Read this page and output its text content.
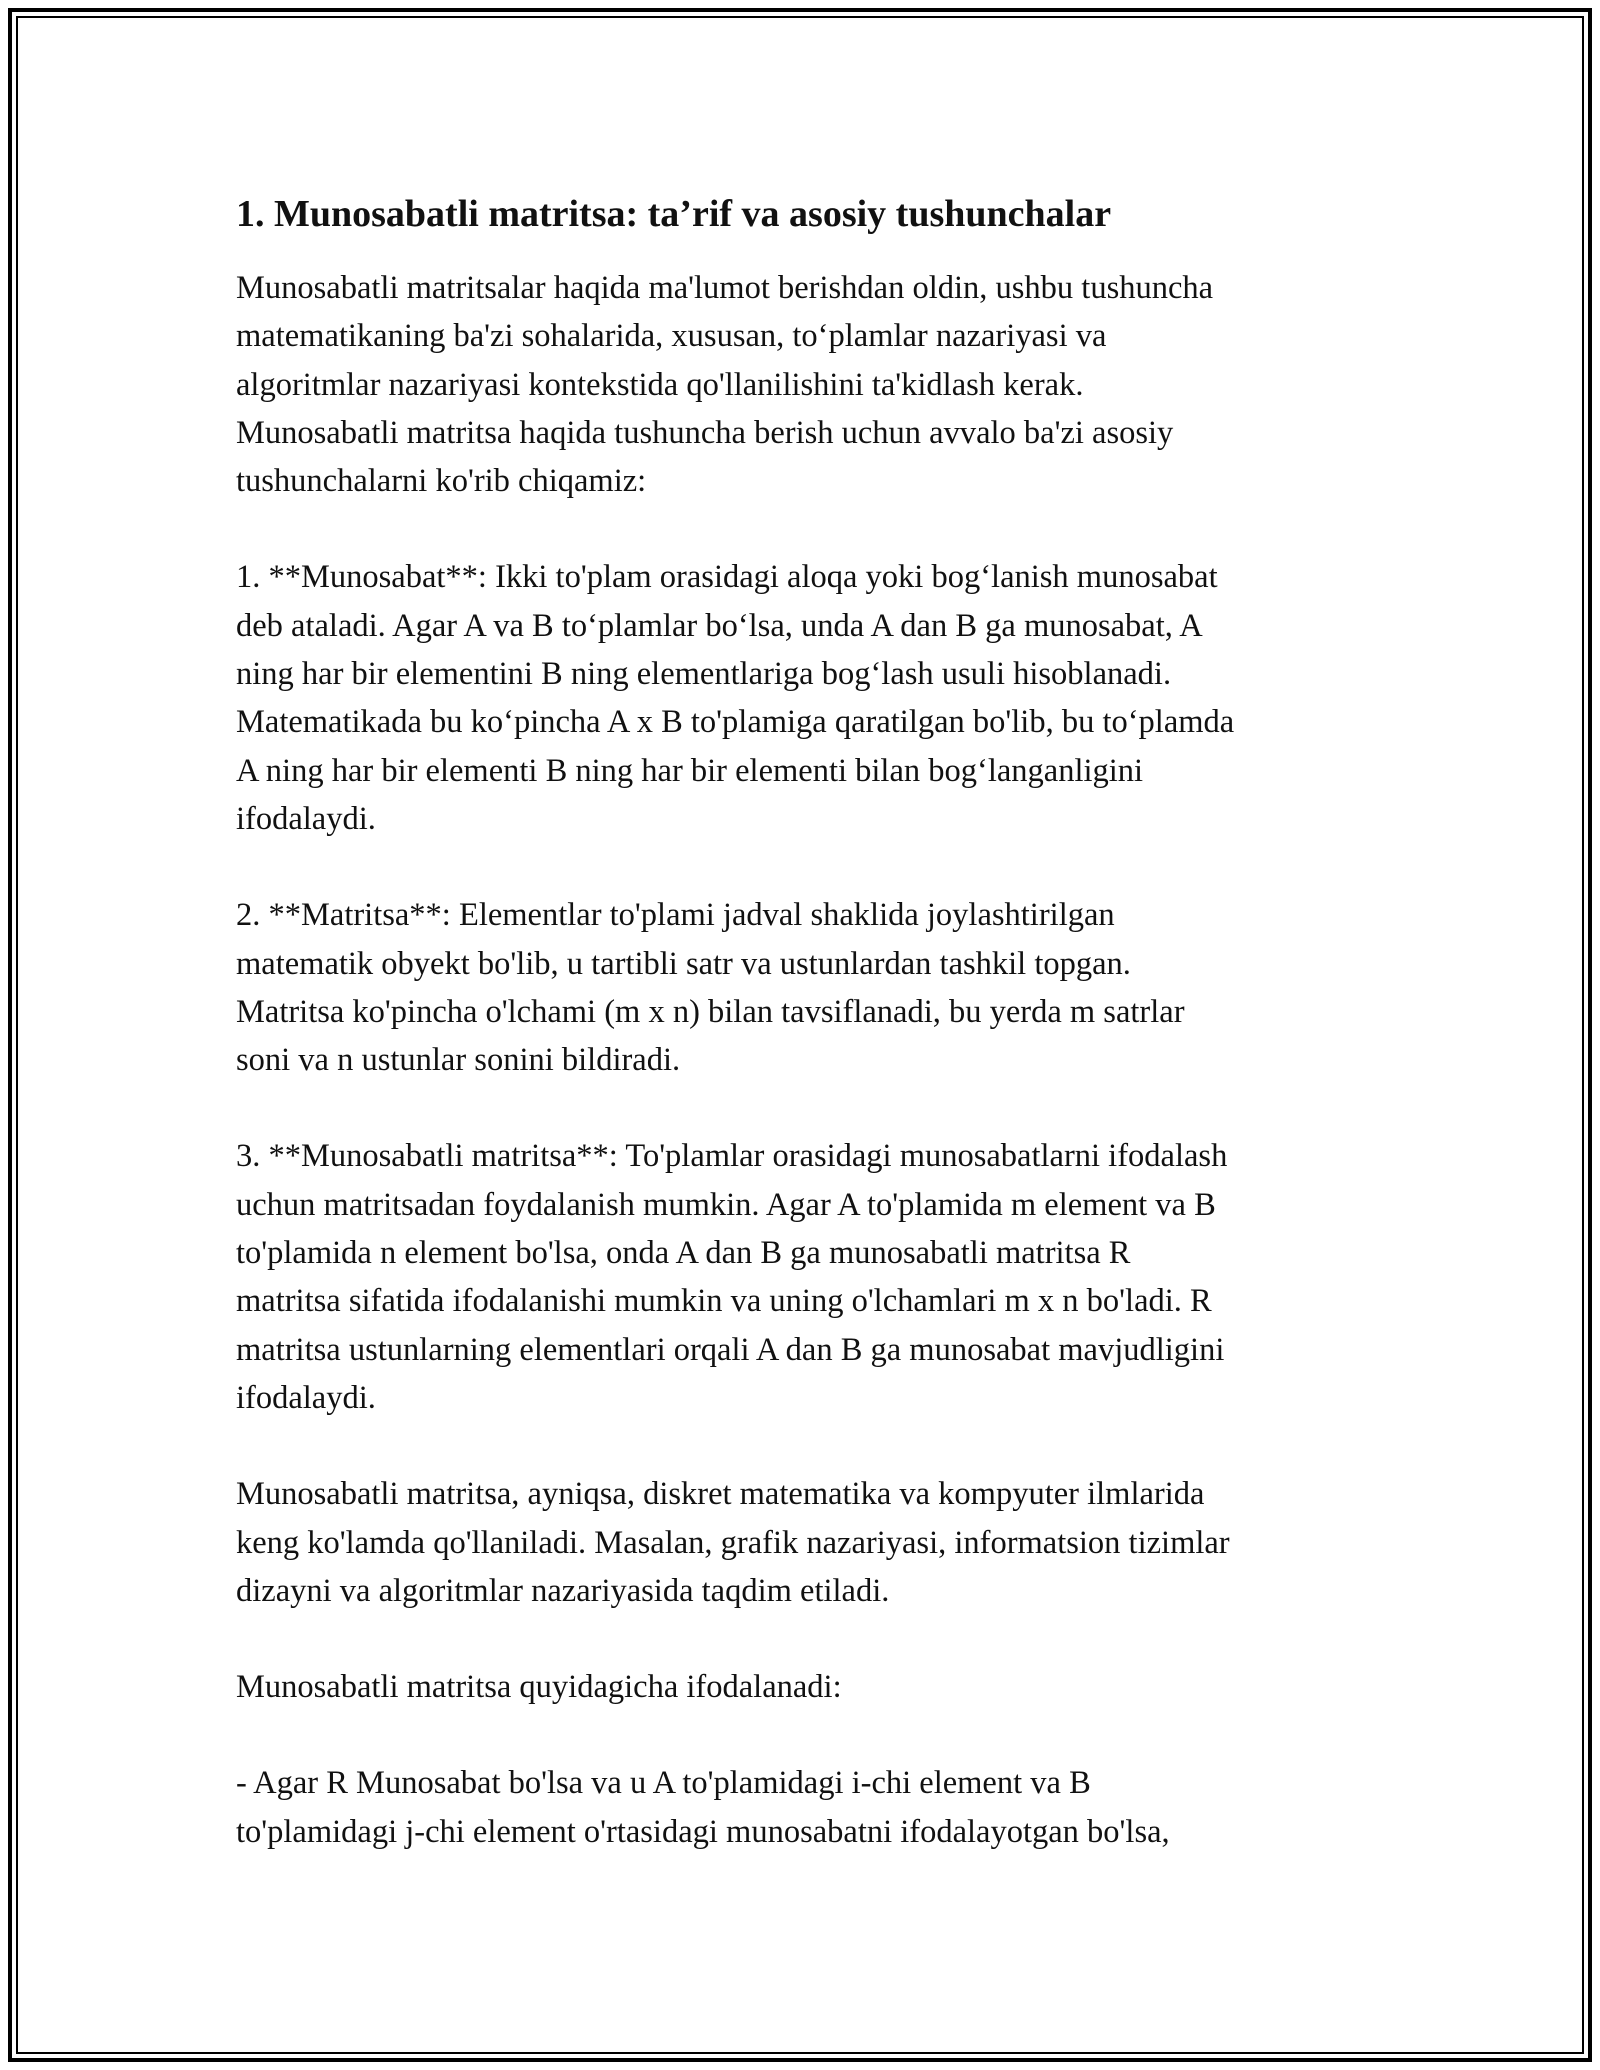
1. Munosabatli matritsa: ta’rif va asosiy tushunchalar

Munosabatli matritsalar haqida ma'lumot berishdan oldin, ushbu tushuncha
matematikaning ba'zi sohalarida, xususan, to‘plamlar nazariyasi va
algoritmlar nazariyasi kontekstida qo'llanilishini ta'kidlash kerak.
Munosabatli matritsa haqida tushuncha berish uchun avvalo ba'zi asosiy
tushunchalarni ko'rib chiqamiz:

1. **Munosabat**: Ikki to'plam orasidagi aloqa yoki bog‘lanish munosabat
deb ataladi. Agar A va B to‘plamlar bo‘lsa, unda A dan B ga munosabat, A
ning har bir elementini B ning elementlariga bog‘lash usuli hisoblanadi.
Matematikada bu ko‘pincha A x B to'plamiga qaratilgan bo'lib, bu to‘plamda
A ning har bir elementi B ning har bir elementi bilan bog‘langanligini
ifodalaydi.

2. **Matritsa**: Elementlar to'plami jadval shaklida joylashtirilgan
matematik obyekt bo'lib, u tartibli satr va ustunlardan tashkil topgan.
Matritsa ko'pincha o'lchami (m x n) bilan tavsiflanadi, bu yerda m satrlar
soni va n ustunlar sonini bildiradi.

3. **Munosabatli matritsa**: To'plamlar orasidagi munosabatlarni ifodalash
uchun matritsadan foydalanish mumkin. Agar A to'plamida m element va B
to'plamida n element bo'lsa, onda A dan B ga munosabatli matritsa R
matritsa sifatida ifodalanishi mumkin va uning o'lchamlari m x n bo'ladi. R
matritsa ustunlarning elementlari orqali A dan B ga munosabat mavjudligini
ifodalaydi.

Munosabatli matritsa, ayniqsa, diskret matematika va kompyuter ilmlarida
keng ko'lamda qo'llaniladi. Masalan, grafik nazariyasi, informatsion tizimlar
dizayni va algoritmlar nazariyasida taqdim etiladi.

Munosabatli matritsa quyidagicha ifodalanadi:

- Agar R Munosabat bo'lsa va u A to'plamidagi i-chi element va B
to'plamidagi j-chi element o'rtasidagi munosabatni ifodalayotgan bo'lsa,
